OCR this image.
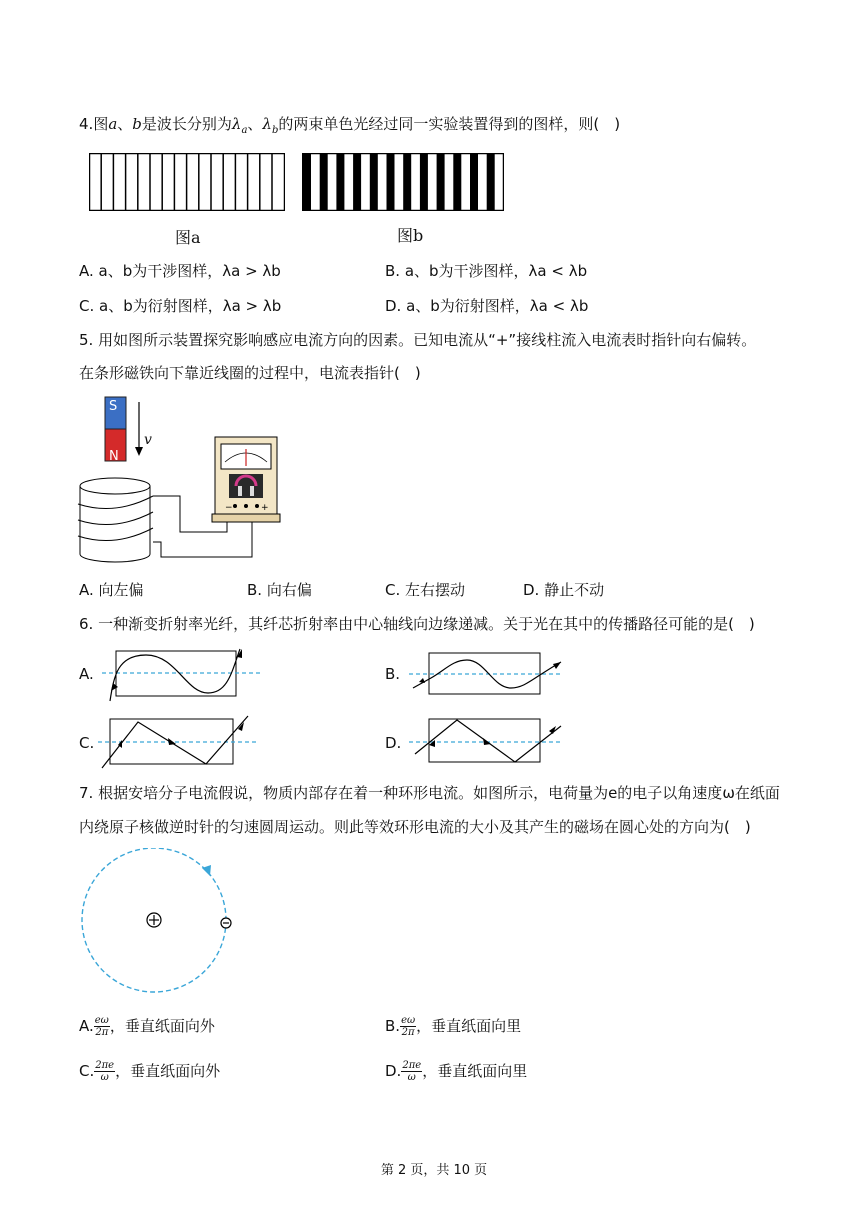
4.图a、b是波长分别为$\lambda_a$、$\lambda_b$的两束单色光经过同一实验装置得到的图样，则(　)
图a	图b
A. a、b为干涉图样，λa > λb	B. a、b为干涉图样，λa < λb
C. a、b为衍射图样，λa > λb	D. a、b为衍射图样，λa < λb
5. 用如图所示装置探究影响感应电流方向的因素。已知电流从“+”接线柱流入电流表时指针向右偏转。
在条形磁铁向下靠近线圈的过程中，电流表指针(　)
−	+
S
N
v
A. 向左偏	B. 向右偏	C. 左右摆动	D. 静止不动
6. 一种渐变折射率光纤，其纤芯折射率由中心轴线向边缘递减。关于光在其中的传播路径可能的是(　)
A.	B.
C.	D.
7. 根据安培分子电流假说，物质内部存在着一种环形电流。如图所示，电荷量为e的电子以角速度ω在纸面
内绕原子核做逆时针的匀速圆周运动。则此等效环形电流的大小及其产生的磁场在圆心处的方向为(　)
A. $\frac{e\omega}{2\pi}$ ，垂直纸面向外	B. $\frac{e\omega}{2\pi}$ ，垂直纸面向里
C. $\frac{2\pi e}{\omega}$ ，垂直纸面向外	D. $\frac{2\pi e}{\omega}$ ，垂直纸面向里
第 2 页，共 10 页
